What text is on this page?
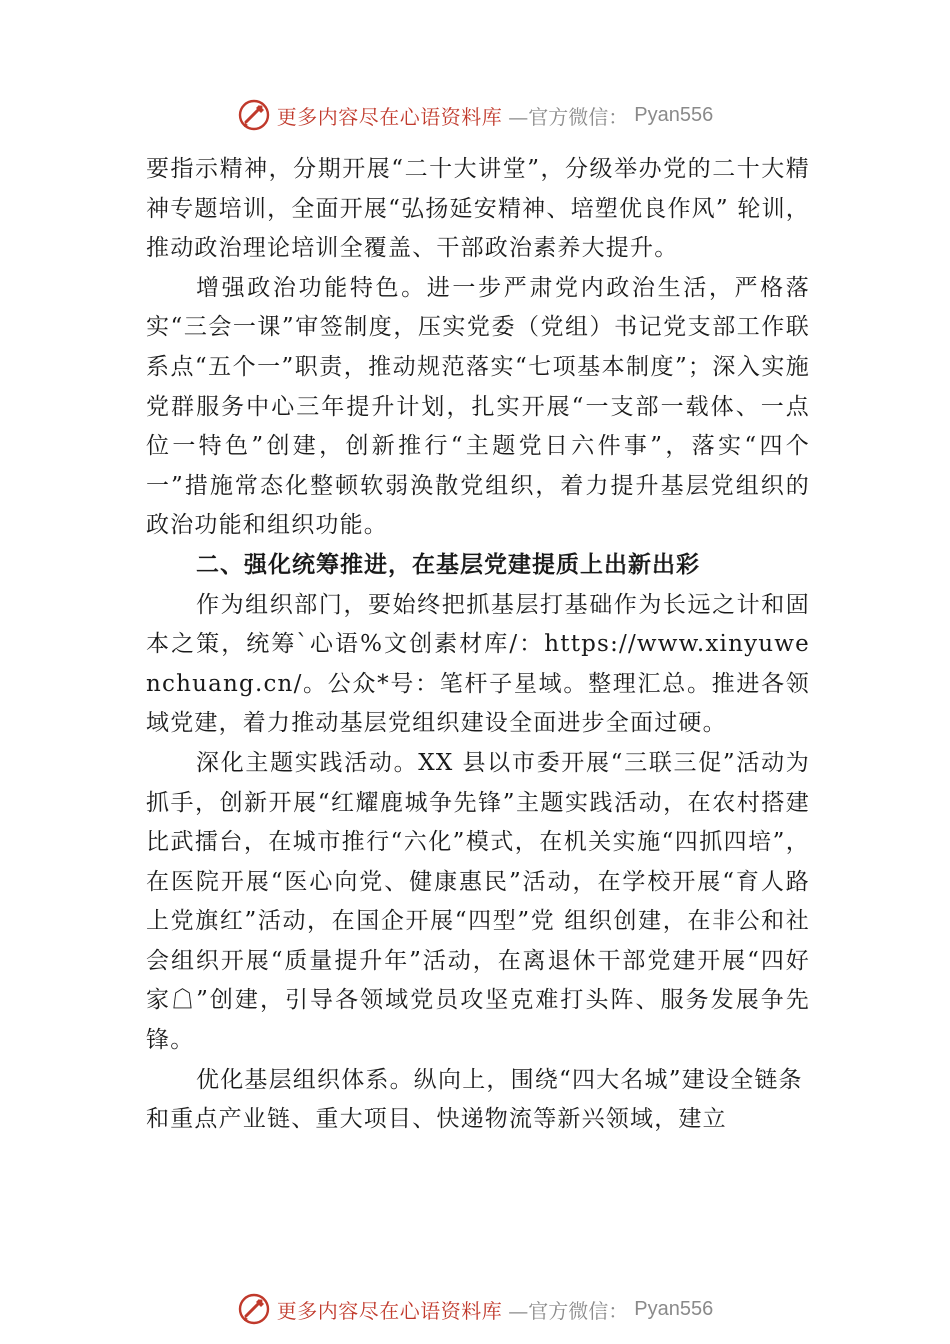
更多内容尽在心语资料库 —官方微信： Pyan556

要指示精神，分期开展“二十大讲堂”，分级举办党的二十大精神专题培训，全面开展“弘扬延安精神、培塑优良作风” 轮训，推动政治理论培训全覆盖、干部政治素养大提升。

增强政治功能特色。进一步严肃党内政治生活，严格落实“三会一课”审签制度，压实党委（党组）书记党支部工作联系点“五个一”职责，推动规范落实“七项基本制度”；深入实施党群服务中心三年提升计划，扎实开展“一支部一载体、一点位一特色”创建，创新推行“主题党日六件事”，落实“四个一”措施常态化整顿软弱涣散党组织，着力提升基层党组织的政治功能和组织功能。

二、强化统筹推进，在基层党建提质上出新出彩

作为组织部门，要始终把抓基层打基础作为长远之计和固本之策，统筹`心语%文创素材库/：https://www.xinyuwenchuang.cn/。公众*号：笔杆子星域。整理汇总。推进各领域党建，着力推动基层党组织建设全面进步全面过硬。

深化主题实践活动。XX 县以市委开展“三联三促”活动为抓手，创新开展“红耀鹿城争先锋”主题实践活动，在农村搭建比武擂台，在城市推行“六化”模式，在机关实施“四抓四培”，在医院开展“医心向党、健康惠民”活动，在学校开展“育人路上党旗红”活动，在国企开展“四型”党 组织创建，在非公和社会组织开展“质量提升年”活动，在离退休干部党建开展“四好家☖”创建，引导各领域党员攻坚克难打头阵、服务发展争先锋。

优化基层组织体系。纵向上，围绕“四大名城”建设全链条和重点产业链、重大项目、快递物流等新兴领域，建立

更多内容尽在心语资料库 —官方微信： Pyan556
